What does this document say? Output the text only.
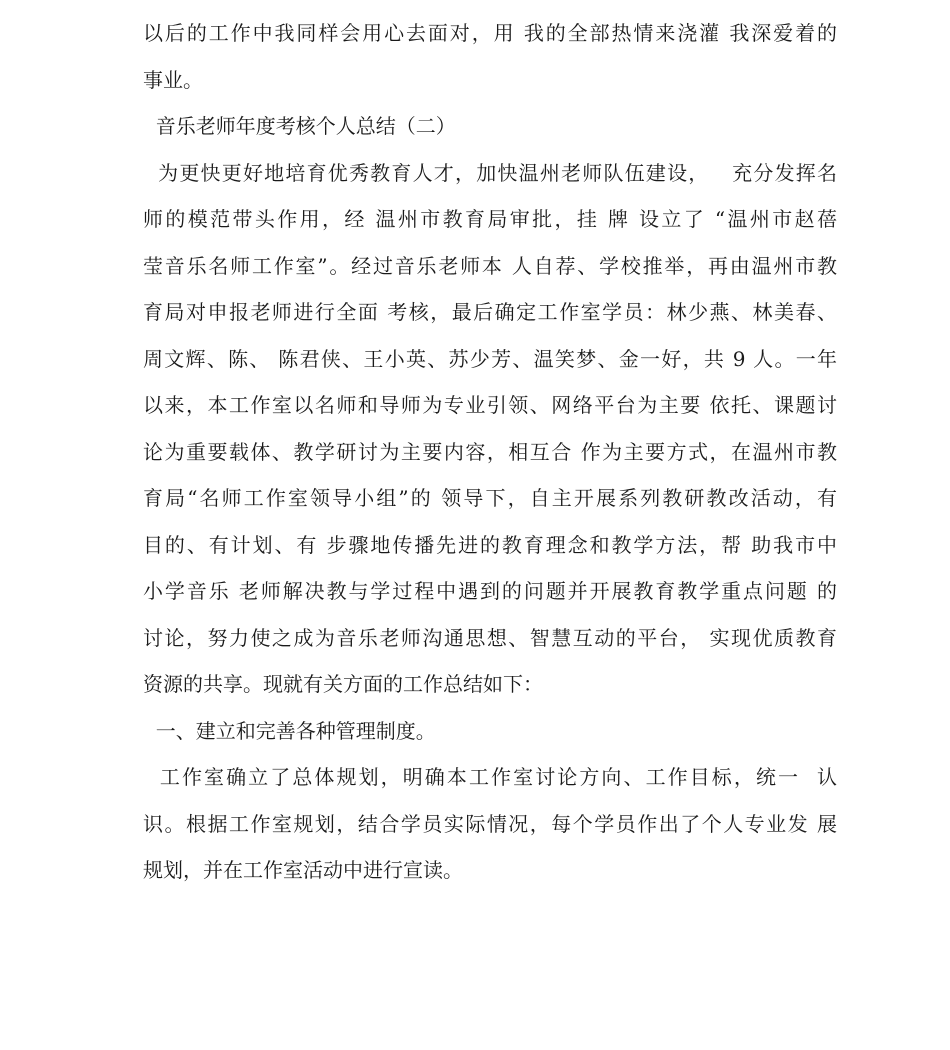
以后的工作中我同样会用心去面对，用 我的全部热情来浇灌 我深爱着的
事业。
音乐老师年度考核个人总结（二）
为更快更好地培育优秀教育人才，加快温州老师队伍建设，   充分发挥名
师的模范带头作用，经 温州市教育局审批，挂 牌 设立了 “温州市赵蓓
莹音乐名师工作室”。经过音乐老师本 人自荐、学校推举，再由温州市教
育局对申报老师进行全面 考核，最后确定工作室学员：林少燕、林美春、
周文辉、陈、 陈君侠、王小英、苏少芳、温笑梦、金一好，共 9 人。一年
以来，本工作室以名师和导师为专业引领、网络平台为主要 依托、课题讨
论为重要载体、教学研讨为主要内容，相互合 作为主要方式，在温州市教
育局“名师工作室领导小组”的 领导下，自主开展系列教研教改活动，有
目的、有计划、有 步骤地传播先进的教育理念和教学方法，帮 助我市中
小学音乐 老师解决教与学过程中遇到的问题并开展教育教学重点问题 的
讨论，努力使之成为音乐老师沟通思想、智慧互动的平台， 实现优质教育
资源的共享。现就有关方面的工作总结如下：
一、建立和完善各种管理制度。
工作室确立了总体规划，明确本工作室讨论方向、工作目标，统一  认
识。根据工作室规划，结合学员实际情况，每个学员作出了个人专业发 展
规划，并在工作室活动中进行宣读。
